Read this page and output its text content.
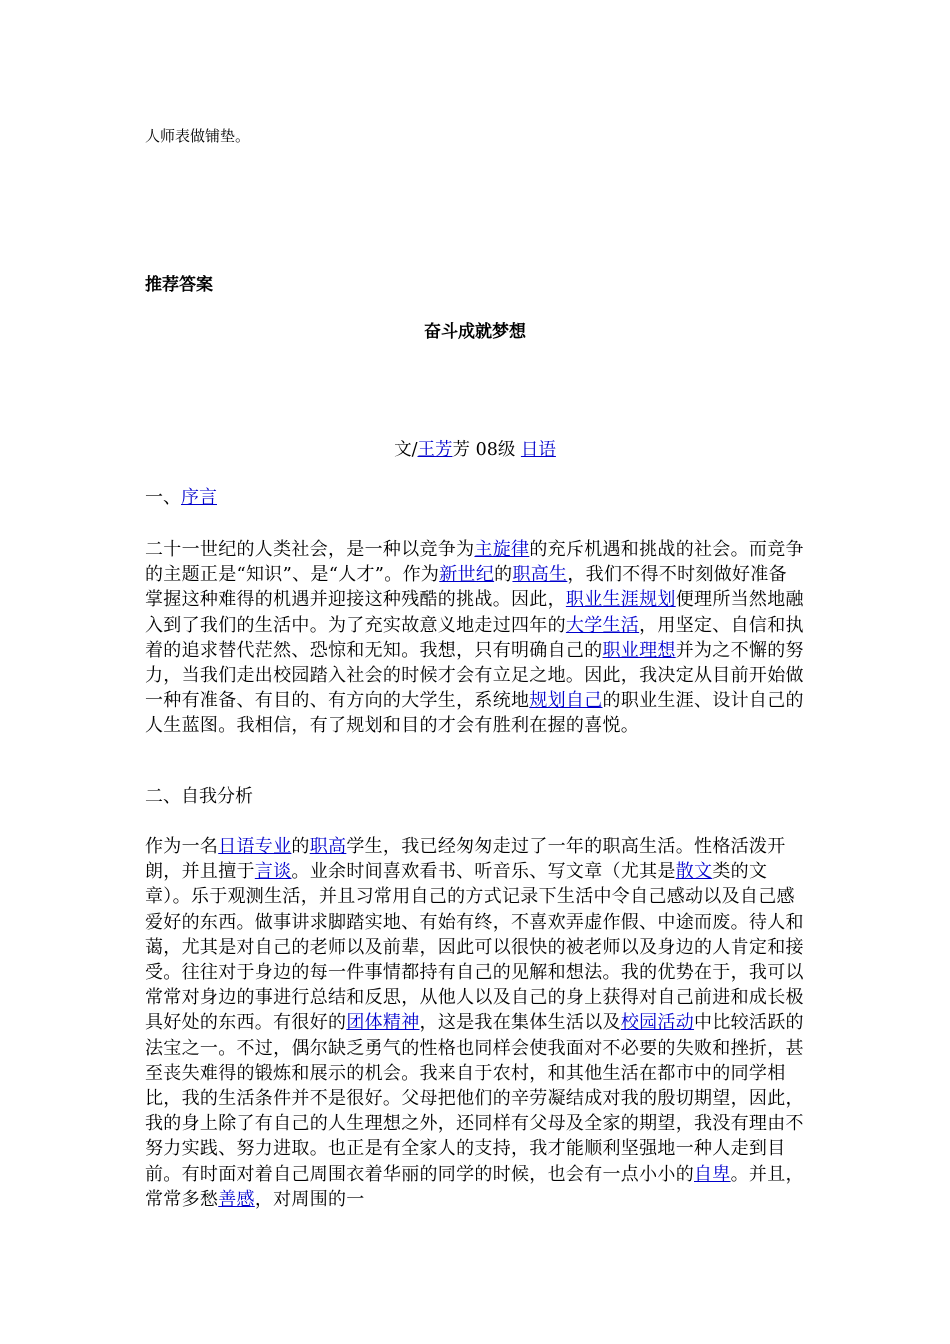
人师表做铺垫。
推荐答案
奋斗成就梦想
文/王芳芳 08级 日语
一、序言
二十一世纪的人类社会，是一种以竞争为主旋律的充斥机遇和挑战的社会。而竞争的主题正是“知识”、是“人才”。作为新世纪的职高生，我们不得不时刻做好准备掌握这种难得的机遇并迎接这种残酷的挑战。因此，职业生涯规划便理所当然地融入到了我们的生活中。为了充实故意义地走过四年的大学生活，用坚定、自信和执着的追求替代茫然、恐惊和无知。我想，只有明确自己的职业理想并为之不懈的努力，当我们走出校园踏入社会的时候才会有立足之地。因此，我决定从目前开始做一种有准备、有目的、有方向的大学生，系统地规划自己的职业生涯、设计自己的人生蓝图。我相信，有了规划和目的才会有胜利在握的喜悦。
二、自我分析
作为一名日语专业的职高学生，我已经匆匆走过了一年的职高生活。性格活泼开朗，并且擅于言谈。业余时间喜欢看书、听音乐、写文章（尤其是散文类的文章）。乐于观测生活，并且习常用自己的方式记录下生活中令自己感动以及自己感爱好的东西。做事讲求脚踏实地、有始有终，不喜欢弄虚作假、中途而废。待人和蔼，尤其是对自己的老师以及前辈，因此可以很快的被老师以及身边的人肯定和接受。往往对于身边的每一件事情都持有自己的见解和想法。我的优势在于，我可以常常对身边的事进行总结和反思，从他人以及自己的身上获得对自己前进和成长极具好处的东西。有很好的团体精神，这是我在集体生活以及校园活动中比较活跃的法宝之一。不过，偶尔缺乏勇气的性格也同样会使我面对不必要的失败和挫折，甚至丧失难得的锻炼和展示的机会。我来自于农村，和其他生活在都市中的同学相比，我的生活条件并不是很好。父母把他们的辛劳凝结成对我的殷切期望，因此，我的身上除了有自己的人生理想之外，还同样有父母及全家的期望，我没有理由不努力实践、努力进取。也正是有全家人的支持，我才能顺利坚强地一种人走到目前。有时面对着自己周围衣着华丽的同学的时候，也会有一点小小的自卑。并且，常常多愁善感，对周围的一
